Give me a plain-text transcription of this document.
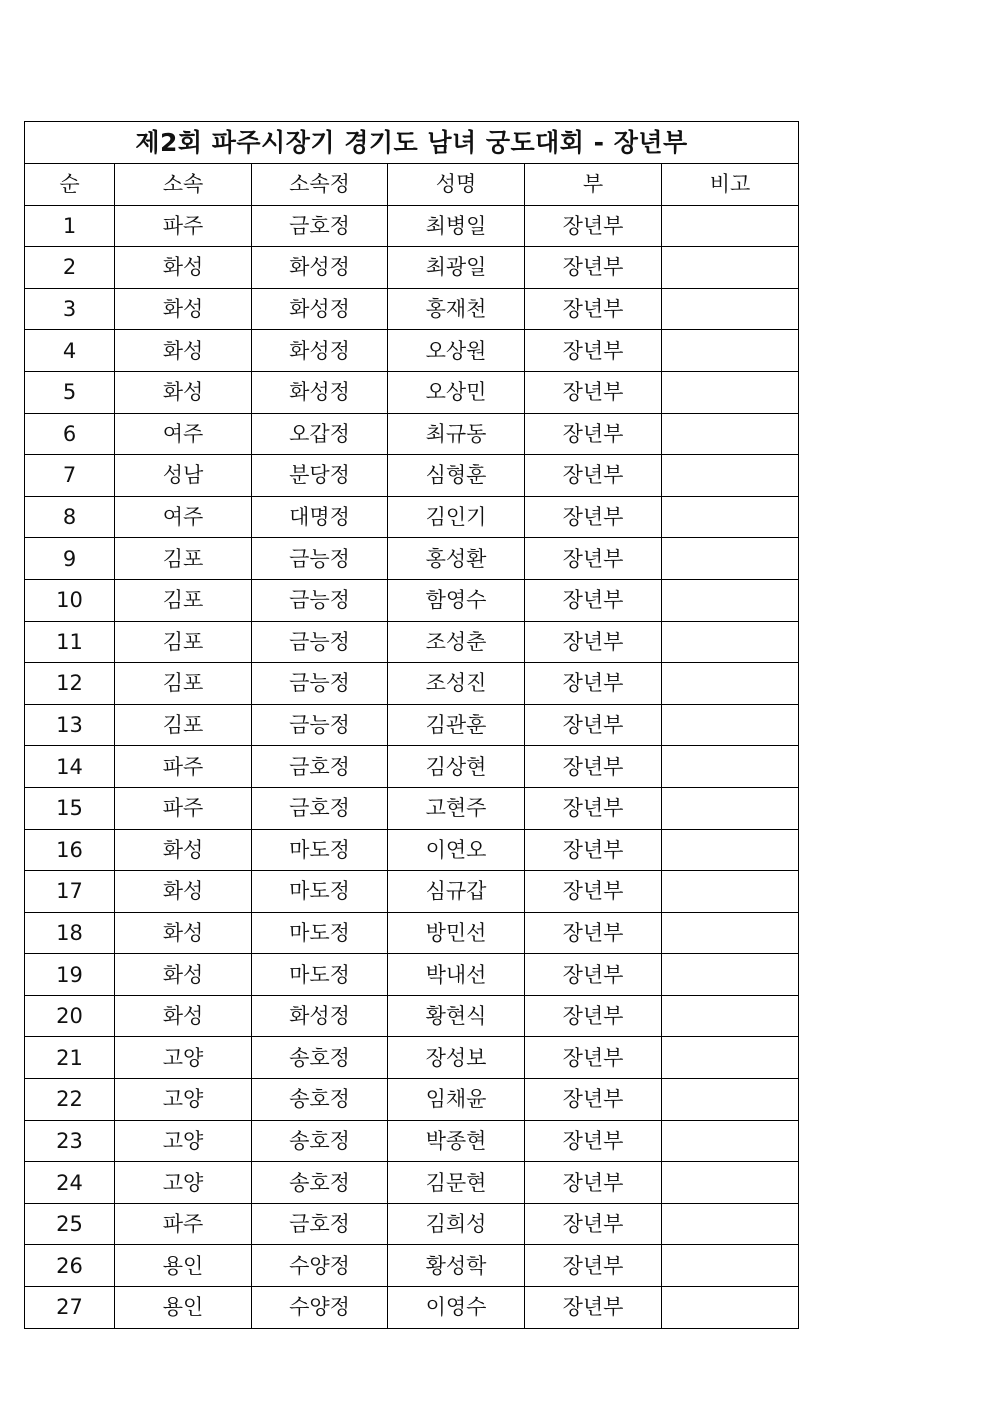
제2회 파주시장기 경기도 남녀 궁도대회 - 장년부					
순	소속	소속정	성명	부	비고
1	파주	금호정	최병일	장년부	
2	화성	화성정	최광일	장년부	
3	화성	화성정	홍재천	장년부	
4	화성	화성정	오상원	장년부	
5	화성	화성정	오상민	장년부	
6	여주	오갑정	최규동	장년부	
7	성남	분당정	심형훈	장년부	
8	여주	대명정	김인기	장년부	
9	김포	금능정	홍성환	장년부	
10	김포	금능정	함영수	장년부	
11	김포	금능정	조성춘	장년부	
12	김포	금능정	조성진	장년부	
13	김포	금능정	김관훈	장년부	
14	파주	금호정	김상현	장년부	
15	파주	금호정	고현주	장년부	
16	화성	마도정	이연오	장년부	
17	화성	마도정	심규갑	장년부	
18	화성	마도정	방민선	장년부	
19	화성	마도정	박내선	장년부	
20	화성	화성정	황현식	장년부	
21	고양	송호정	장성보	장년부	
22	고양	송호정	임채윤	장년부	
23	고양	송호정	박종현	장년부	
24	고양	송호정	김문현	장년부	
25	파주	금호정	김희성	장년부	
26	용인	수양정	황성학	장년부	
27	용인	수양정	이영수	장년부	
